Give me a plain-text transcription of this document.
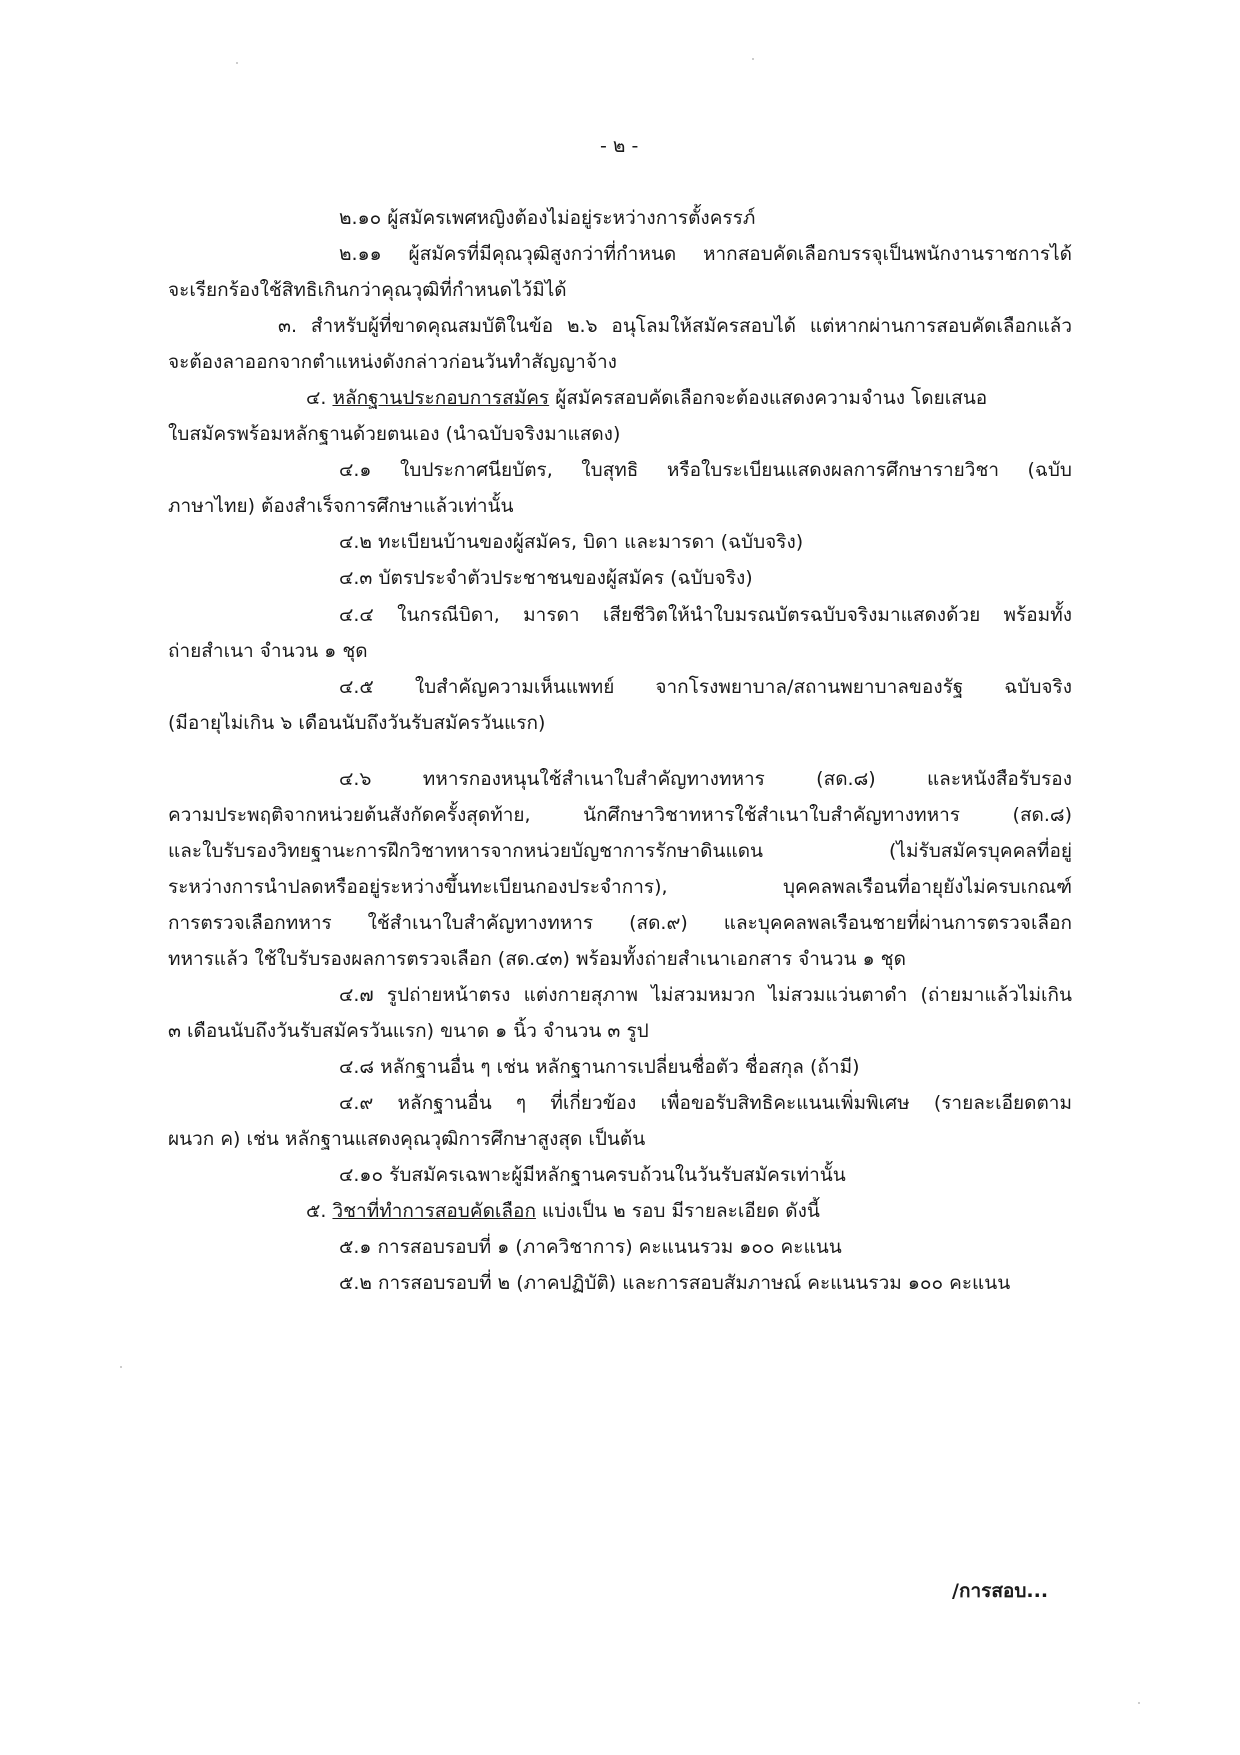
- ๒ -
๒.๑๐ ผู้สมัครเพศหญิงต้องไม่อยู่ระหว่างการตั้งครรภ์
๒.๑๑ ผู้สมัครที่มีคุณวุฒิสูงกว่าที่กำหนด หากสอบคัดเลือกบรรจุเป็นพนักงานราชการได้
จะเรียกร้องใช้สิทธิเกินกว่าคุณวุฒิที่กำหนดไว้มิได้
๓. สำหรับผู้ที่ขาดคุณสมบัติในข้อ ๒.๖ อนุโลมให้สมัครสอบได้ แต่หากผ่านการสอบคัดเลือกแล้ว
จะต้องลาออกจากตำแหน่งดังกล่าวก่อนวันทำสัญญาจ้าง
๔. หลักฐานประกอบการสมัคร ผู้สมัครสอบคัดเลือกจะต้องแสดงความจำนง โดยเสนอ
ใบสมัครพร้อมหลักฐานด้วยตนเอง (นำฉบับจริงมาแสดง)
๔.๑ ใบประกาศนียบัตร, ใบสุทธิ หรือใบระเบียนแสดงผลการศึกษารายวิชา (ฉบับ
ภาษาไทย) ต้องสำเร็จการศึกษาแล้วเท่านั้น
๔.๒ ทะเบียนบ้านของผู้สมัคร, บิดา และมารดา (ฉบับจริง)
๔.๓ บัตรประจำตัวประชาชนของผู้สมัคร (ฉบับจริง)
๔.๔ ในกรณีบิดา, มารดา เสียชีวิตให้นำใบมรณบัตรฉบับจริงมาแสดงด้วย พร้อมทั้ง
ถ่ายสำเนา จำนวน ๑ ชุด
๔.๕ ใบสำคัญความเห็นแพทย์ จากโรงพยาบาล/สถานพยาบาลของรัฐ ฉบับจริง
(มีอายุไม่เกิน ๖ เดือนนับถึงวันรับสมัครวันแรก)
๔.๖ ทหารกองหนุนใช้สำเนาใบสำคัญทางทหาร (สด.๘) และหนังสือรับรอง
ความประพฤติจากหน่วยต้นสังกัดครั้งสุดท้าย, นักศึกษาวิชาทหารใช้สำเนาใบสำคัญทางทหาร (สด.๘)
และใบรับรองวิทยฐานะการฝึกวิชาทหารจากหน่วยบัญชาการรักษาดินแดน (ไม่รับสมัครบุคคลที่อยู่
ระหว่างการนำปลดหรืออยู่ระหว่างขึ้นทะเบียนกองประจำการ), บุคคลพลเรือนที่อายุยังไม่ครบเกณฑ์
การตรวจเลือกทหาร ใช้สำเนาใบสำคัญทางทหาร (สด.๙) และบุคคลพลเรือนชายที่ผ่านการตรวจเลือก
ทหารแล้ว ใช้ใบรับรองผลการตรวจเลือก (สด.๔๓) พร้อมทั้งถ่ายสำเนาเอกสาร จำนวน ๑ ชุด
๔.๗ รูปถ่ายหน้าตรง แต่งกายสุภาพ ไม่สวมหมวก ไม่สวมแว่นตาดำ (ถ่ายมาแล้วไม่เกิน
๓ เดือนนับถึงวันรับสมัครวันแรก) ขนาด ๑ นิ้ว จำนวน ๓ รูป
๔.๘ หลักฐานอื่น ๆ เช่น หลักฐานการเปลี่ยนชื่อตัว ชื่อสกุล (ถ้ามี)
๔.๙ หลักฐานอื่น ๆ ที่เกี่ยวข้อง เพื่อขอรับสิทธิคะแนนเพิ่มพิเศษ (รายละเอียดตาม
ผนวก ค) เช่น หลักฐานแสดงคุณวุฒิการศึกษาสูงสุด เป็นต้น
๔.๑๐ รับสมัครเฉพาะผู้มีหลักฐานครบถ้วนในวันรับสมัครเท่านั้น
๕. วิชาที่ทำการสอบคัดเลือก แบ่งเป็น ๒ รอบ มีรายละเอียด ดังนี้
๕.๑ การสอบรอบที่ ๑ (ภาควิชาการ) คะแนนรวม ๑๐๐ คะแนน
๕.๒ การสอบรอบที่ ๒ (ภาคปฏิบัติ) และการสอบสัมภาษณ์ คะแนนรวม ๑๐๐ คะแนน
/การสอบ...
